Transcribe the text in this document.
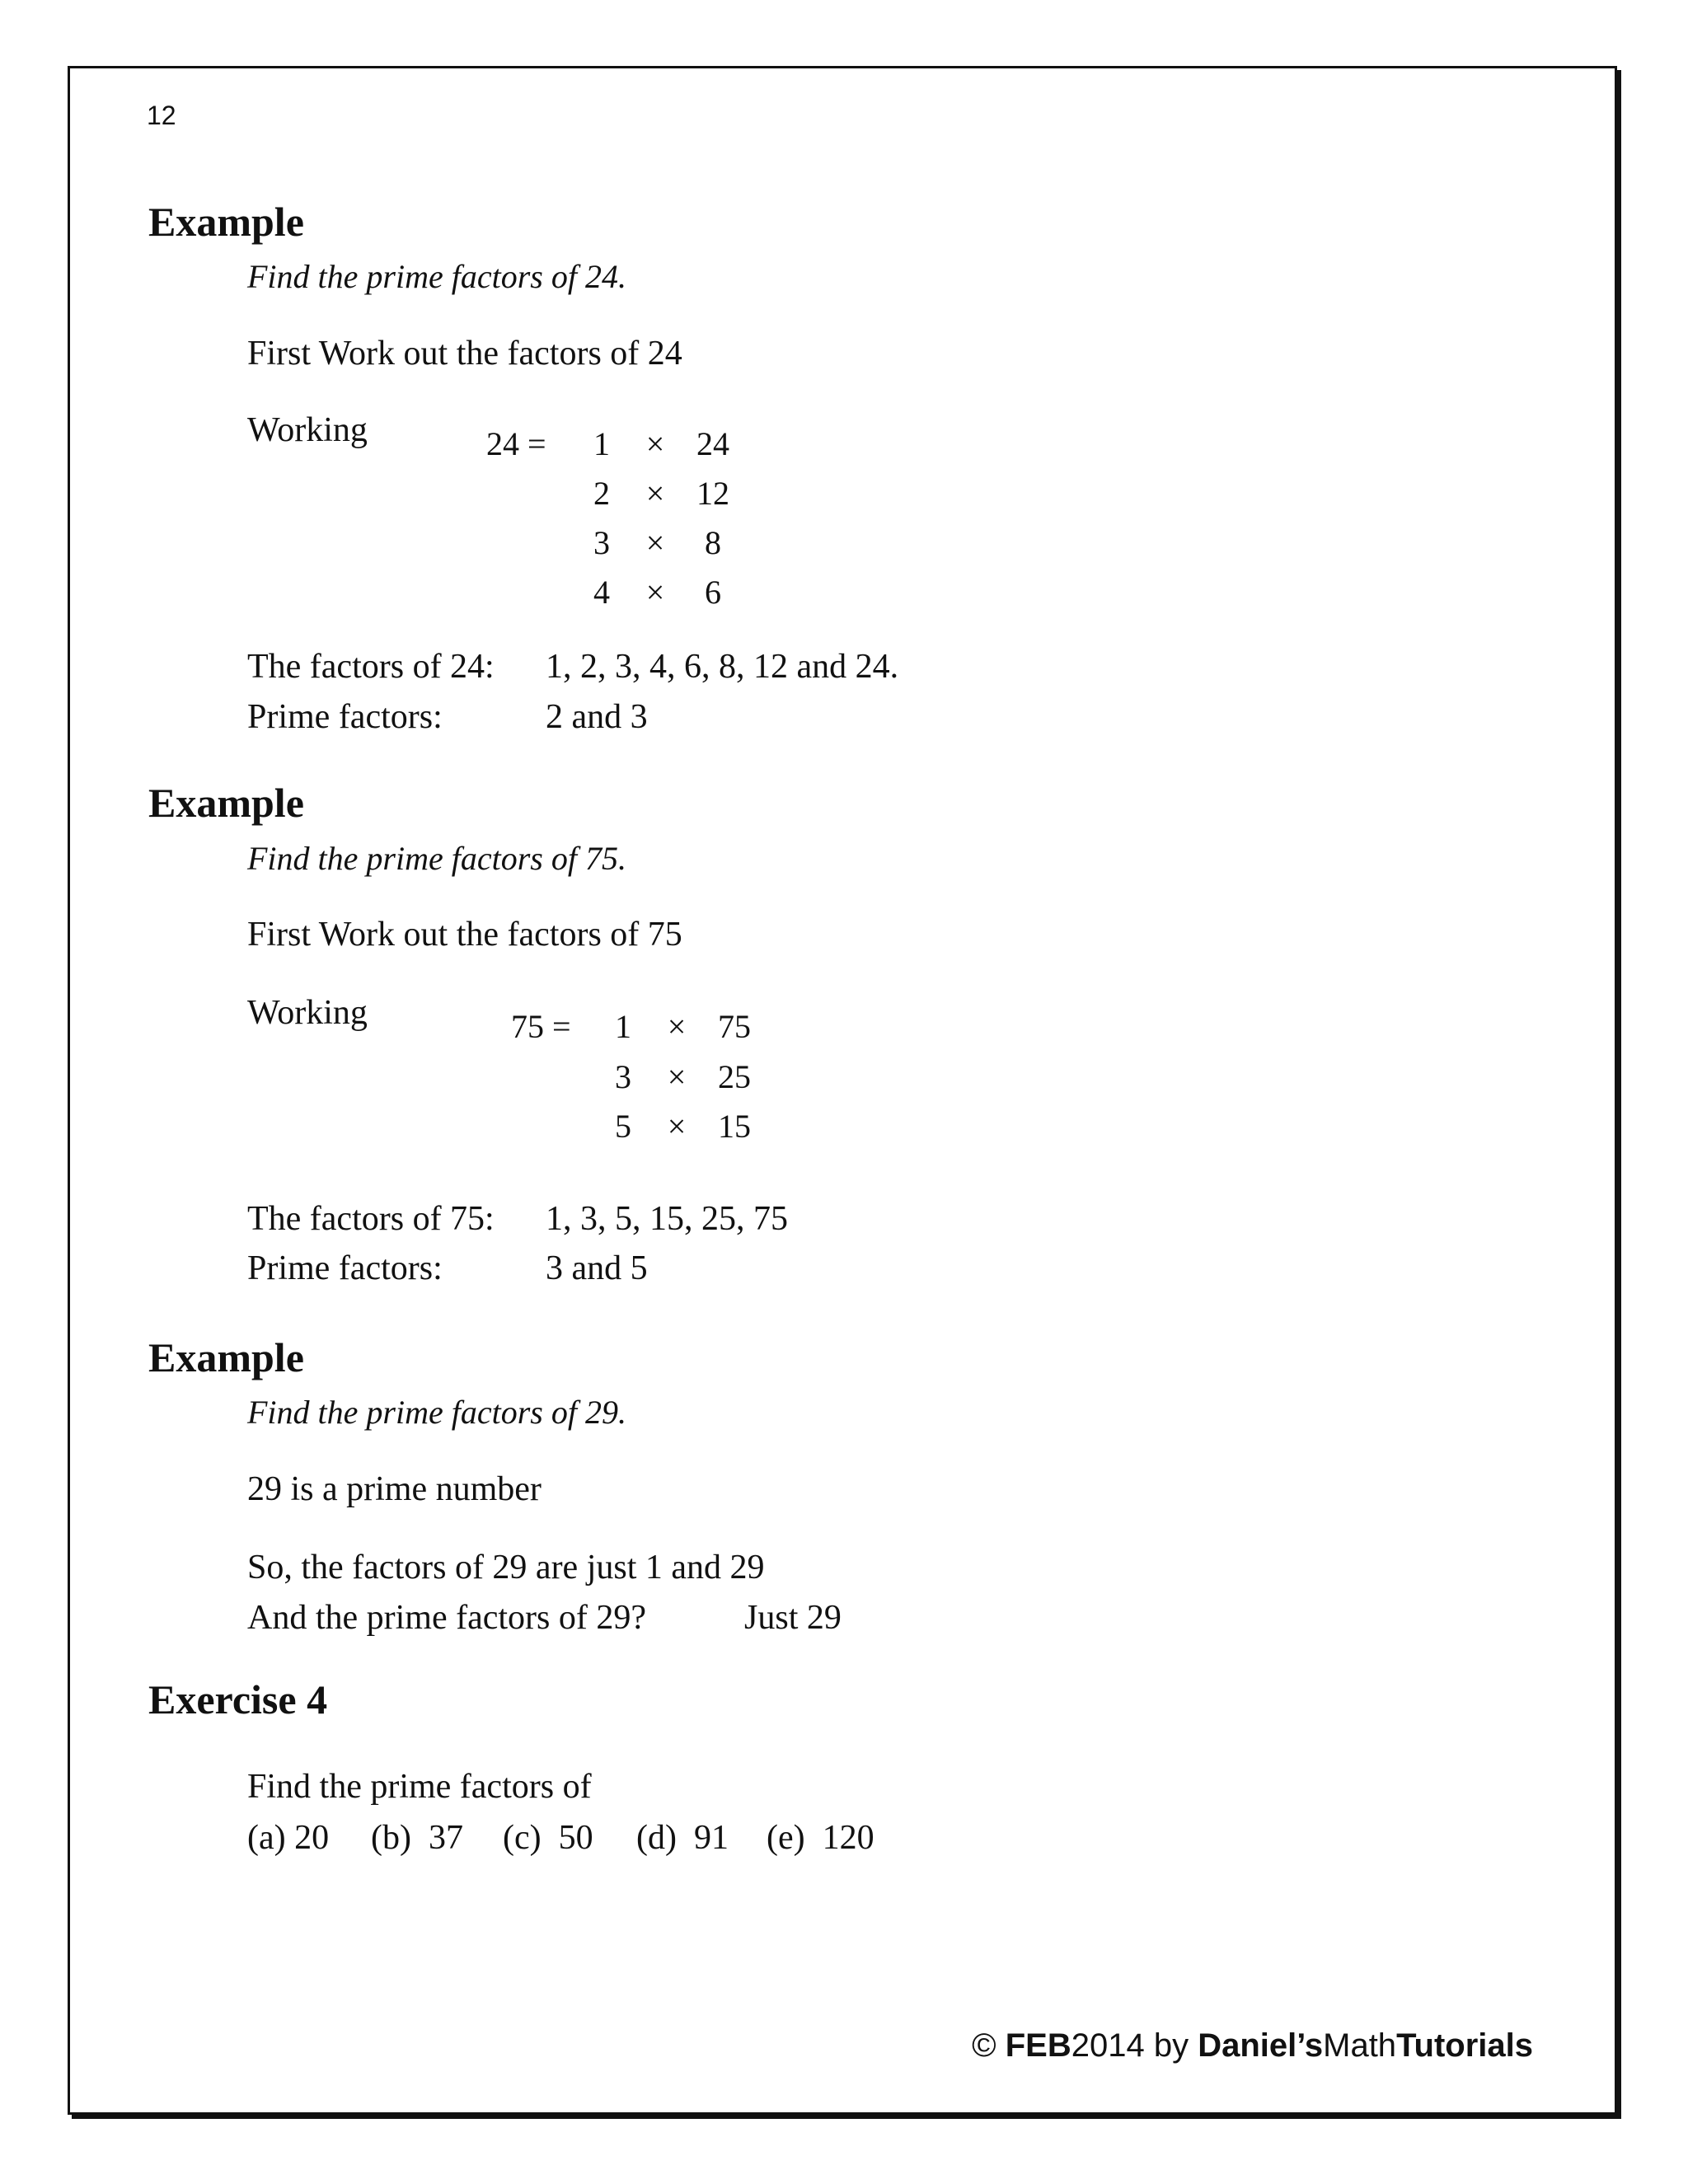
12
Example
Find the prime factors of 24.
First Work out the factors of 24
Working	24 =	1	× 24
2	× 12
3	×	8
4	×	6
The factors of 24: 1, 2, 3, 4, 6, 8, 12 and 24.
Prime factors:	2 and 3
Example
Find the prime factors of 75.
First Work out the factors of 75
Working	75 =	1	× 75
3	× 25
5	× 15
The factors of 75: 1, 3, 5, 15, 25, 75
Prime factors:	3 and 5
Example
Find the prime factors of 29.
29 is a prime number
So, the factors of 29 are just 1 and 29
And the prime factors of 29?	Just 29
Exercise 4
Find the prime factors of
(a) 20 (b)  37 (c)  50 (d)  91 (e)  120
© FEB2014 by Daniel’sMathTutorials
